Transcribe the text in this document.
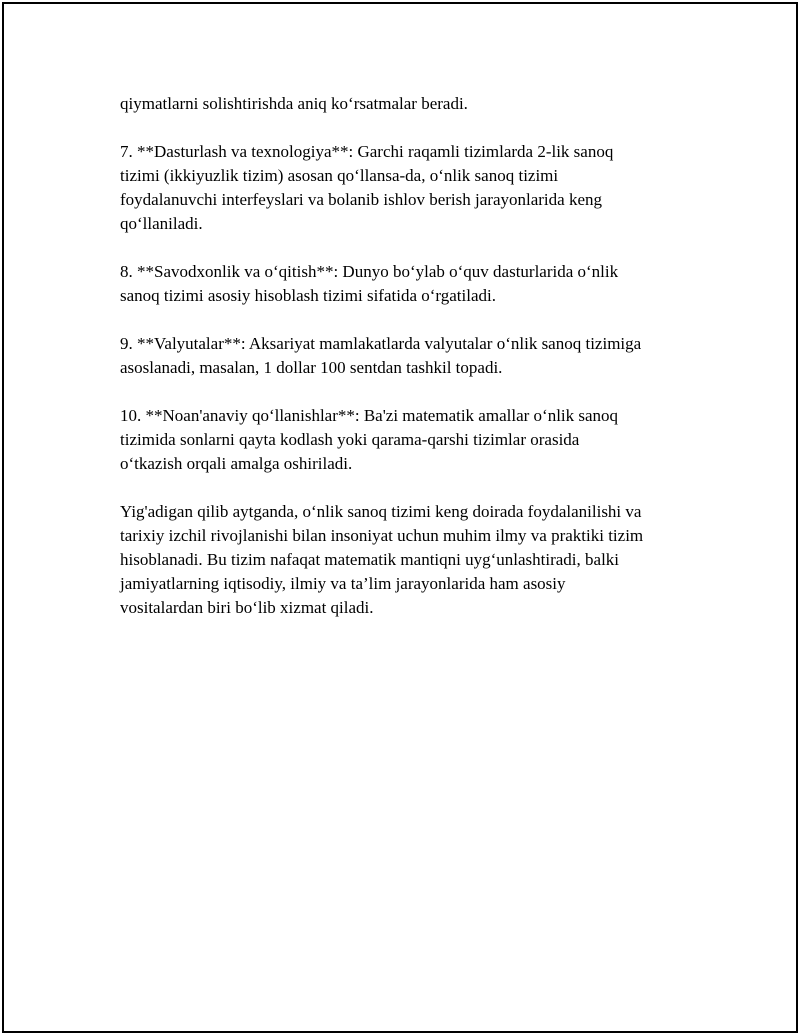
qiymatlarni solishtirishda aniq ko‘rsatmalar beradi.

7. **Dasturlash va texnologiya**: Garchi raqamli tizimlarda 2-lik sanoq
tizimi (ikkiyuzlik tizim) asosan qo‘llansa-da, o‘nlik sanoq tizimi
foydalanuvchi interfeyslari va bolanib ishlov berish jarayonlarida keng
qo‘llaniladi.

8. **Savodxonlik va o‘qitish**: Dunyo bo‘ylab o‘quv dasturlarida o‘nlik
sanoq tizimi asosiy hisoblash tizimi sifatida o‘rgatiladi.

9. **Valyutalar**: Aksariyat mamlakatlarda valyutalar o‘nlik sanoq tizimiga
asoslanadi, masalan, 1 dollar 100 sentdan tashkil topadi.

10. **Noan'anaviy qo‘llanishlar**: Ba'zi matematik amallar o‘nlik sanoq
tizimida sonlarni qayta kodlash yoki qarama-qarshi tizimlar orasida
o‘tkazish orqali amalga oshiriladi.

Yig'adigan qilib aytganda, o‘nlik sanoq tizimi keng doirada foydalanilishi va
tarixiy izchil rivojlanishi bilan insoniyat uchun muhim ilmy va praktiki tizim
hisoblanadi. Bu tizim nafaqat matematik mantiqni uyg‘unlashtiradi, balki
jamiyatlarning iqtisodiy, ilmiy va ta’lim jarayonlarida ham asosiy
vositalardan biri bo‘lib xizmat qiladi.
